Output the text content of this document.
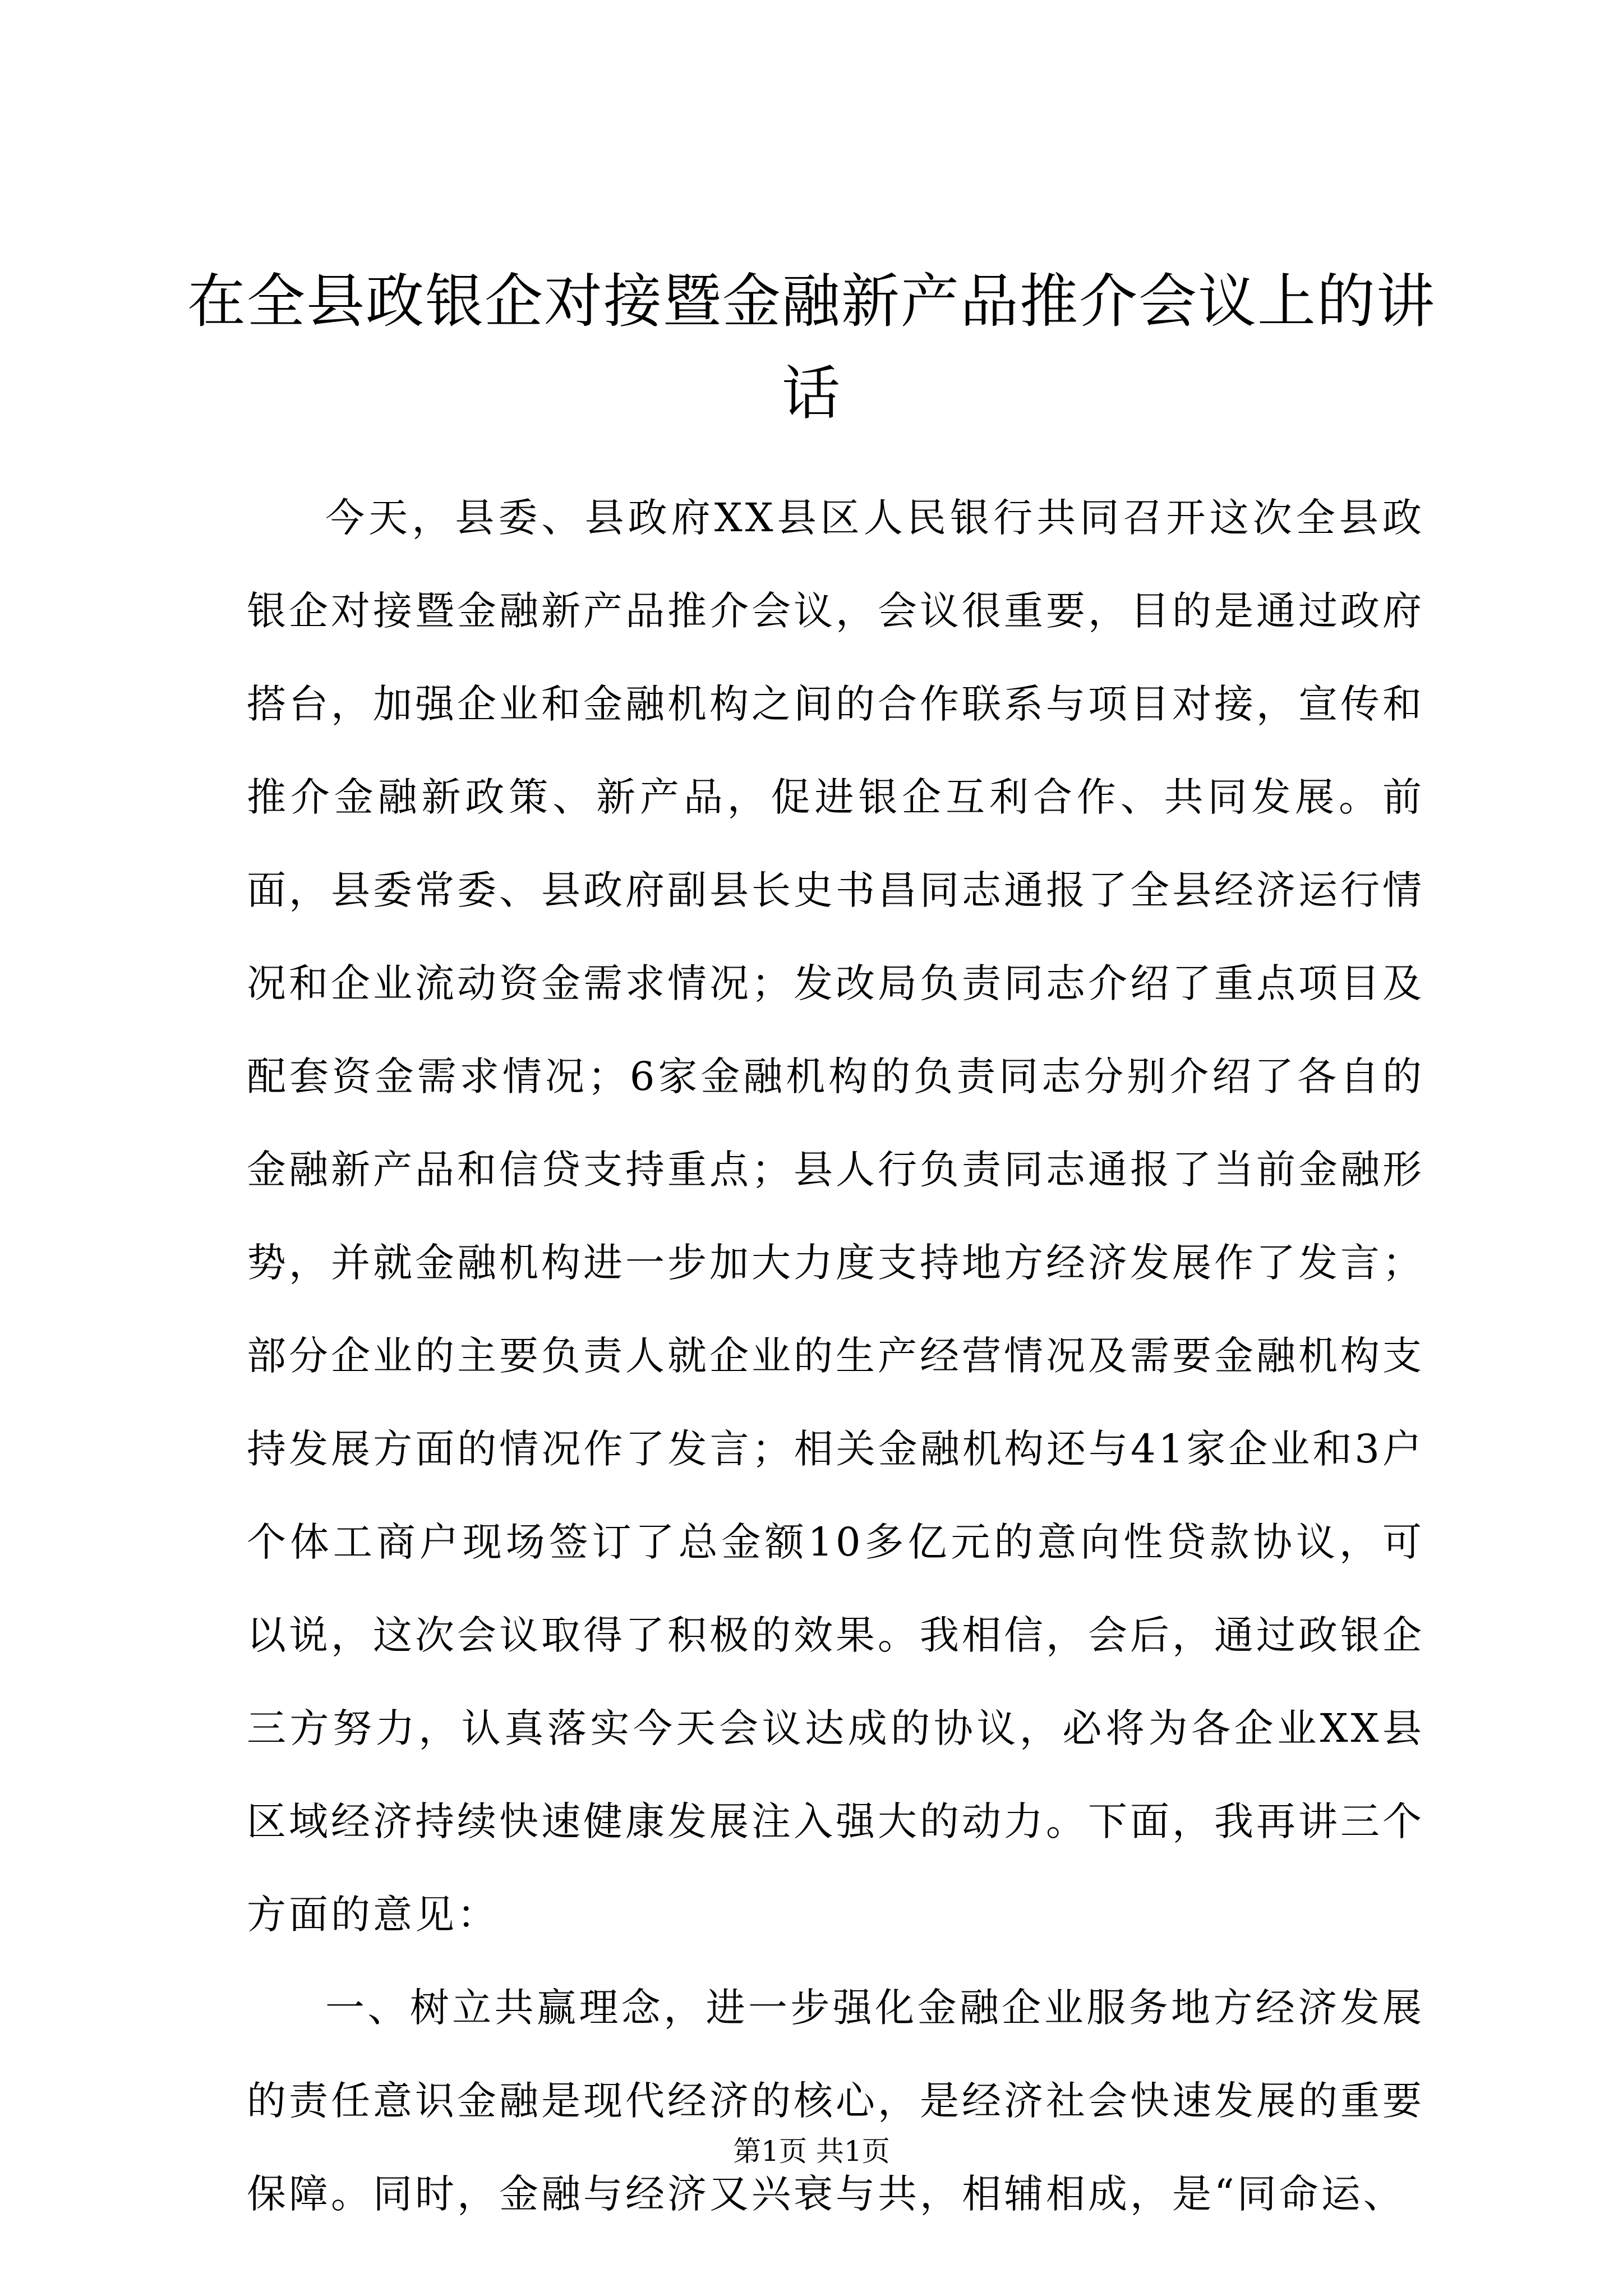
在全县政银企对接暨金融新产品推介会议上的讲话

今天，县委、县政府XX县区人民银行共同召开这次全县政银企对接暨金融新产品推介会议，会议很重要，目的是通过政府搭台，加强企业和金融机构之间的合作联系与项目对接，宣传和推介金融新政策、新产品，促进银企互利合作、共同发展。前面，县委常委、县政府副县长史书昌同志通报了全县经济运行情况和企业流动资金需求情况；发改局负责同志介绍了重点项目及配套资金需求情况；6家金融机构的负责同志分别介绍了各自的金融新产品和信贷支持重点；县人行负责同志通报了当前金融形势，并就金融机构进一步加大力度支持地方经济发展作了发言；部分企业的主要负责人就企业的生产经营情况及需要金融机构支持发展方面的情况作了发言；相关金融机构还与41家企业和3户个体工商户现场签订了总金额10多亿元的意向性贷款协议，可以说，这次会议取得了积极的效果。我相信，会后，通过政银企三方努力，认真落实今天会议达成的协议，必将为各企业XX县区域经济持续快速健康发展注入强大的动力。下面，我再讲三个方面的意见：

一、树立共赢理念，进一步强化金融企业服务地方经济发展的责任意识金融是现代经济的核心，是经济社会快速发展的重要保障。同时，金融与经济又兴衰与共，相辅相成，是“同命运、

第1页 共1页
